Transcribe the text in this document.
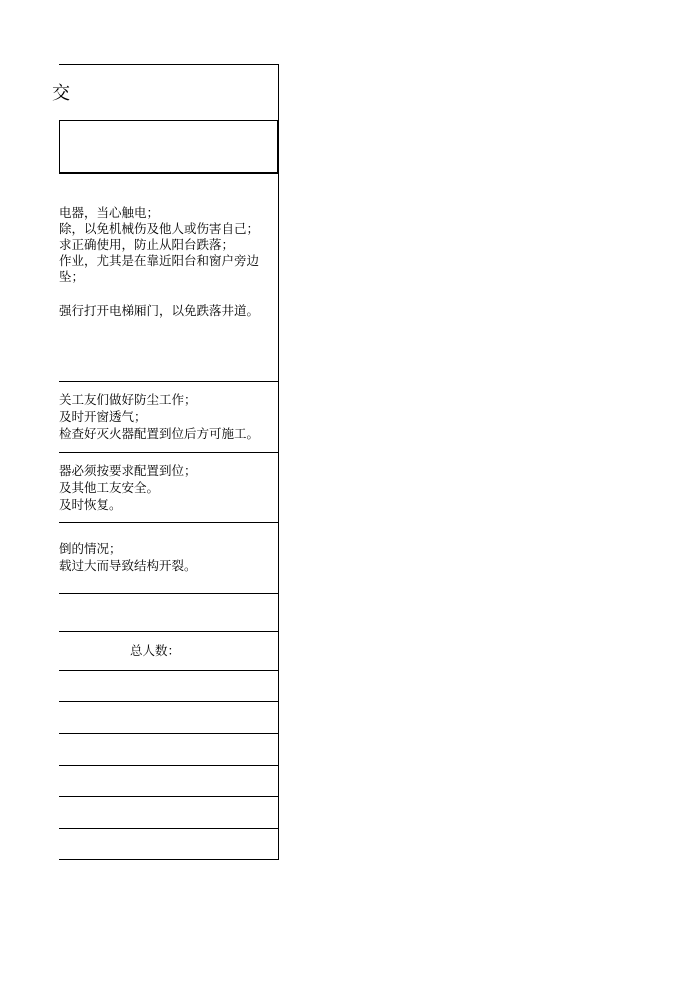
交
电器，当心触电；
除，以免机械伤及他人或伤害自己；
求正确使用，防止从阳台跌落；
作业，尤其是在靠近阳台和窗户旁边
坠；
强行打开电梯厢门，以免跌落井道。
关工友们做好防尘工作；
及时开窗透气；
检查好灭火器配置到位后方可施工。
器必须按要求配置到位；
及其他工友安全。
及时恢复。
倒的情况；
载过大而导致结构开裂。
总人数：
